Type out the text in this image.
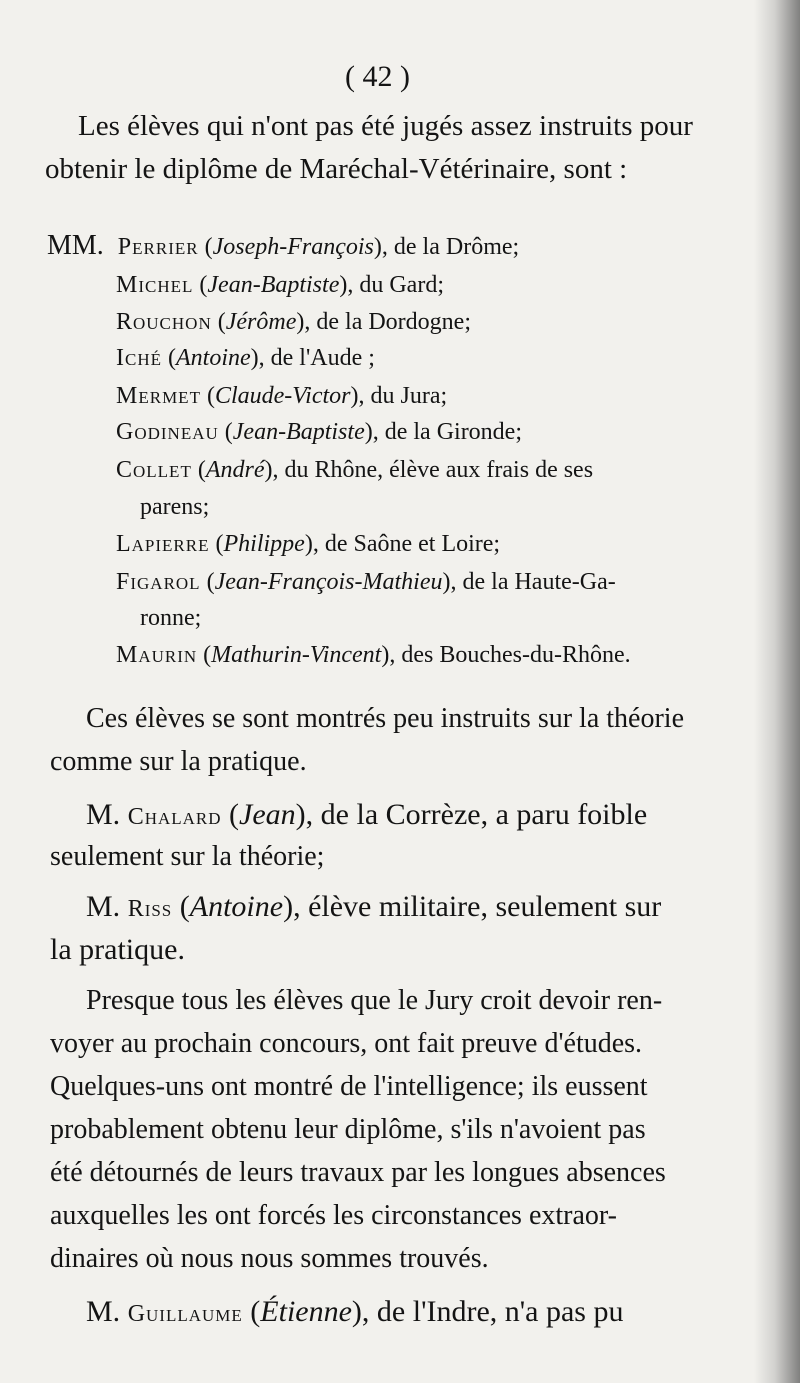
( 42 )
Les élèves qui n'ont pas été jugés assez instruits pour
obtenir le diplôme de Maréchal-Vétérinaire, sont :
MM. Perrier (Joseph-François), de la Drôme;
Michel (Jean-Baptiste), du Gard;
Rouchon (Jérôme), de la Dordogne;
Iché (Antoine), de l'Aude ;
Mermet (Claude-Victor), du Jura;
Godineau (Jean-Baptiste), de la Gironde;
Collet (André), du Rhône, élève aux frais de ses
parens;
Lapierre (Philippe), de Saône et Loire;
Figarol (Jean-François-Mathieu), de la Haute-Ga-
ronne;
Maurin (Mathurin-Vincent), des Bouches-du-Rhône.
Ces élèves se sont montrés peu instruits sur la théorie
comme sur la pratique.
M. Chalard (Jean), de la Corrèze, a paru foible
seulement sur la théorie;
M. Riss (Antoine), élève militaire, seulement sur
la pratique.
Presque tous les élèves que le Jury croit devoir ren-
voyer au prochain concours, ont fait preuve d'études.
Quelques-uns ont montré de l'intelligence; ils eussent
probablement obtenu leur diplôme, s'ils n'avoient pas
été détournés de leurs travaux par les longues absences
auxquelles les ont forcés les circonstances extraor-
dinaires où nous nous sommes trouvés.
M. Guillaume (Étienne), de l'Indre, n'a pas pu
